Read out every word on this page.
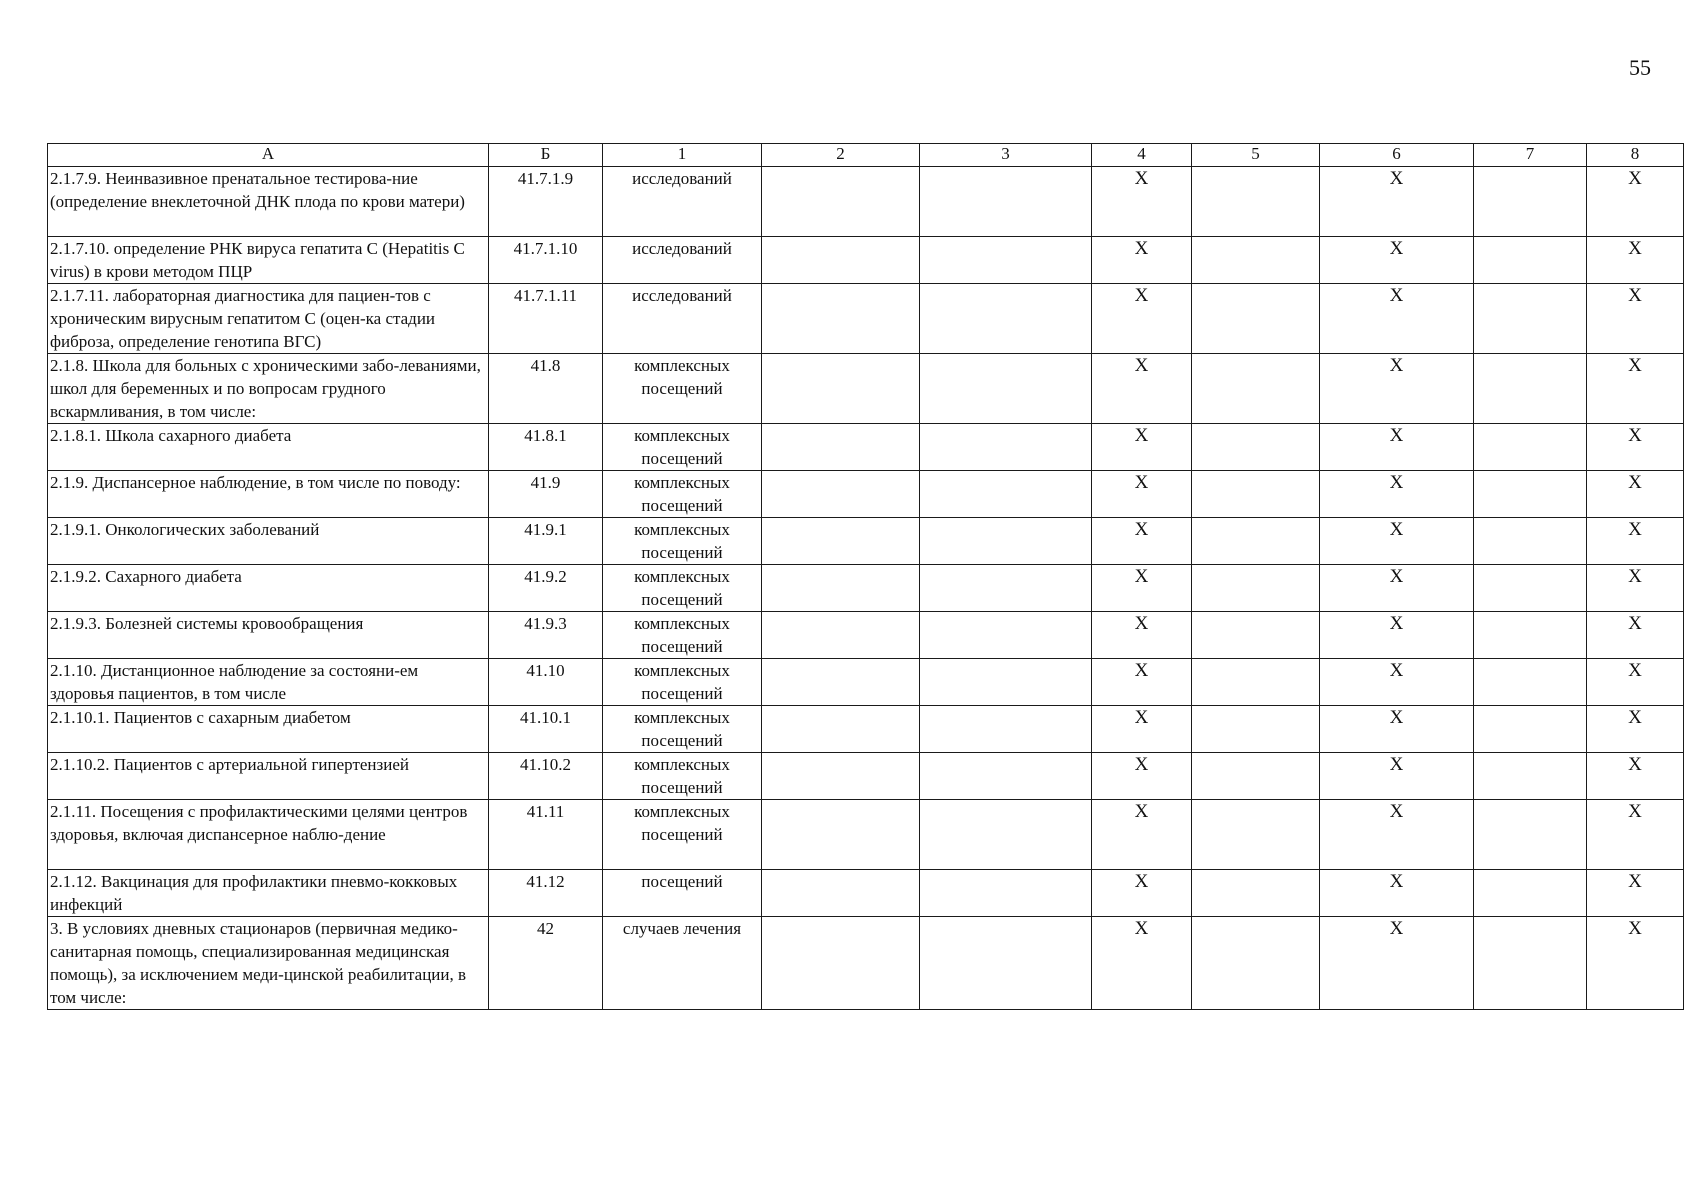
55
А	Б	1	2	3	4	5	6	7	8
2.1.7.9. Неинвазивное пренатальное тестирова-ние (определение внеклеточной ДНК плода по крови матери)	41.7.1.9	исследований			X		X		X
2.1.7.10. определение РНК вируса гепатита С (Hepatitis C virus) в крови методом ПЦР	41.7.1.10	исследований			X		X		X
2.1.7.11. лабораторная диагностика для пациен-тов с хроническим вирусным гепатитом С (оцен-ка стадии фиброза, определение генотипа ВГС)	41.7.1.11	исследований			X		X		X
2.1.8. Школа для больных с хроническими забо-леваниями, школ для беременных и по вопросам грудного вскармливания, в том числе:	41.8	комплексных посещений			X		X		X
2.1.8.1. Школа сахарного диабета	41.8.1	комплексных посещений			X		X		X
2.1.9. Диспансерное наблюдение, в том числе по поводу:	41.9	комплексных посещений			X		X		X
2.1.9.1. Онкологических заболеваний	41.9.1	комплексных посещений			X		X		X
2.1.9.2. Сахарного диабета	41.9.2	комплексных посещений			X		X		X
2.1.9.3. Болезней системы кровообращения	41.9.3	комплексных посещений			X		X		X
2.1.10. Дистанционное наблюдение за состояни-ем здоровья пациентов, в том числе	41.10	комплексных посещений			X		X		X
2.1.10.1. Пациентов с сахарным диабетом	41.10.1	комплексных посещений			X		X		X
2.1.10.2. Пациентов с артериальной гипертензией	41.10.2	комплексных посещений			X		X		X
2.1.11. Посещения с профилактическими целями центров здоровья, включая диспансерное наблю-дение	41.11	комплексных посещений			X		X		X
2.1.12. Вакцинация для профилактики пневмо-кокковых инфекций	41.12	посещений			X		X		X
3. В условиях дневных стационаров (первичная медико-санитарная помощь, специализированная медицинская помощь), за исключением меди-цинской реабилитации, в том числе:	42	случаев лечения			X		X		X
